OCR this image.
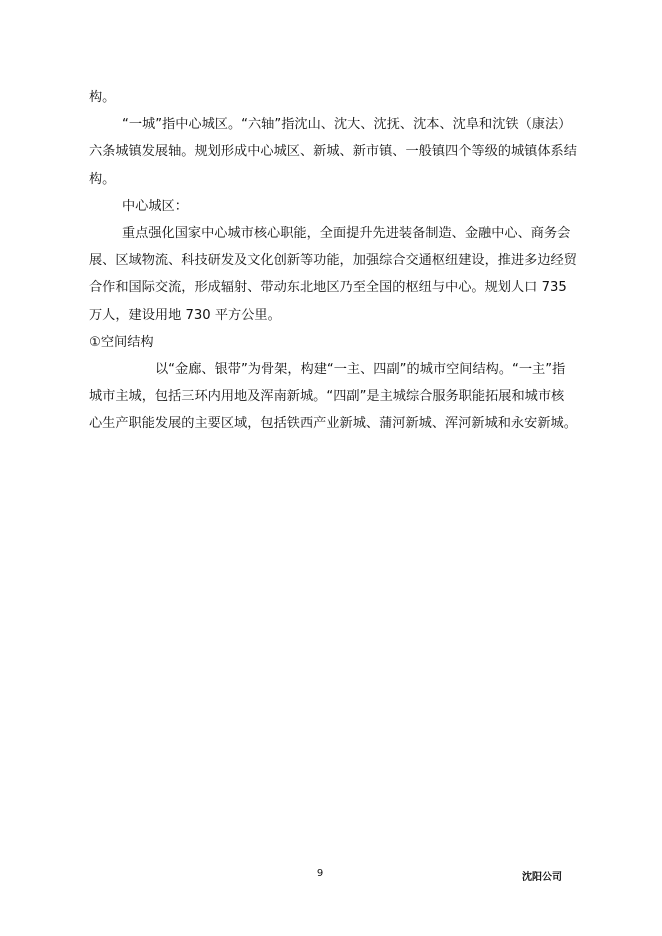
构。

“一城”指中心城区。“六轴”指沈山、沈大、沈抚、沈本、沈阜和沈铁（康法）六条城镇发展轴。规划形成中心城区、新城、新市镇、一般镇四个等级的城镇体系结构。

中心城区：

重点强化国家中心城市核心职能，全面提升先进装备制造、金融中心、商务会展、区域物流、科技研发及文化创新等功能，加强综合交通枢纽建设，推进多边经贸合作和国际交流，形成辐射、带动东北地区乃至全国的枢纽与中心。规划人口 735 万人，建设用地 730 平方公里。

①空间结构

以“金廊、银带”为骨架，构建“一主、四副”的城市空间结构。“一主”指城市主城，包括三环内用地及浑南新城。“四副”是主城综合服务职能拓展和城市核心生产职能发展的主要区域，包括铁西产业新城、蒲河新城、浑河新城和永安新城。

9	沈阳公司
